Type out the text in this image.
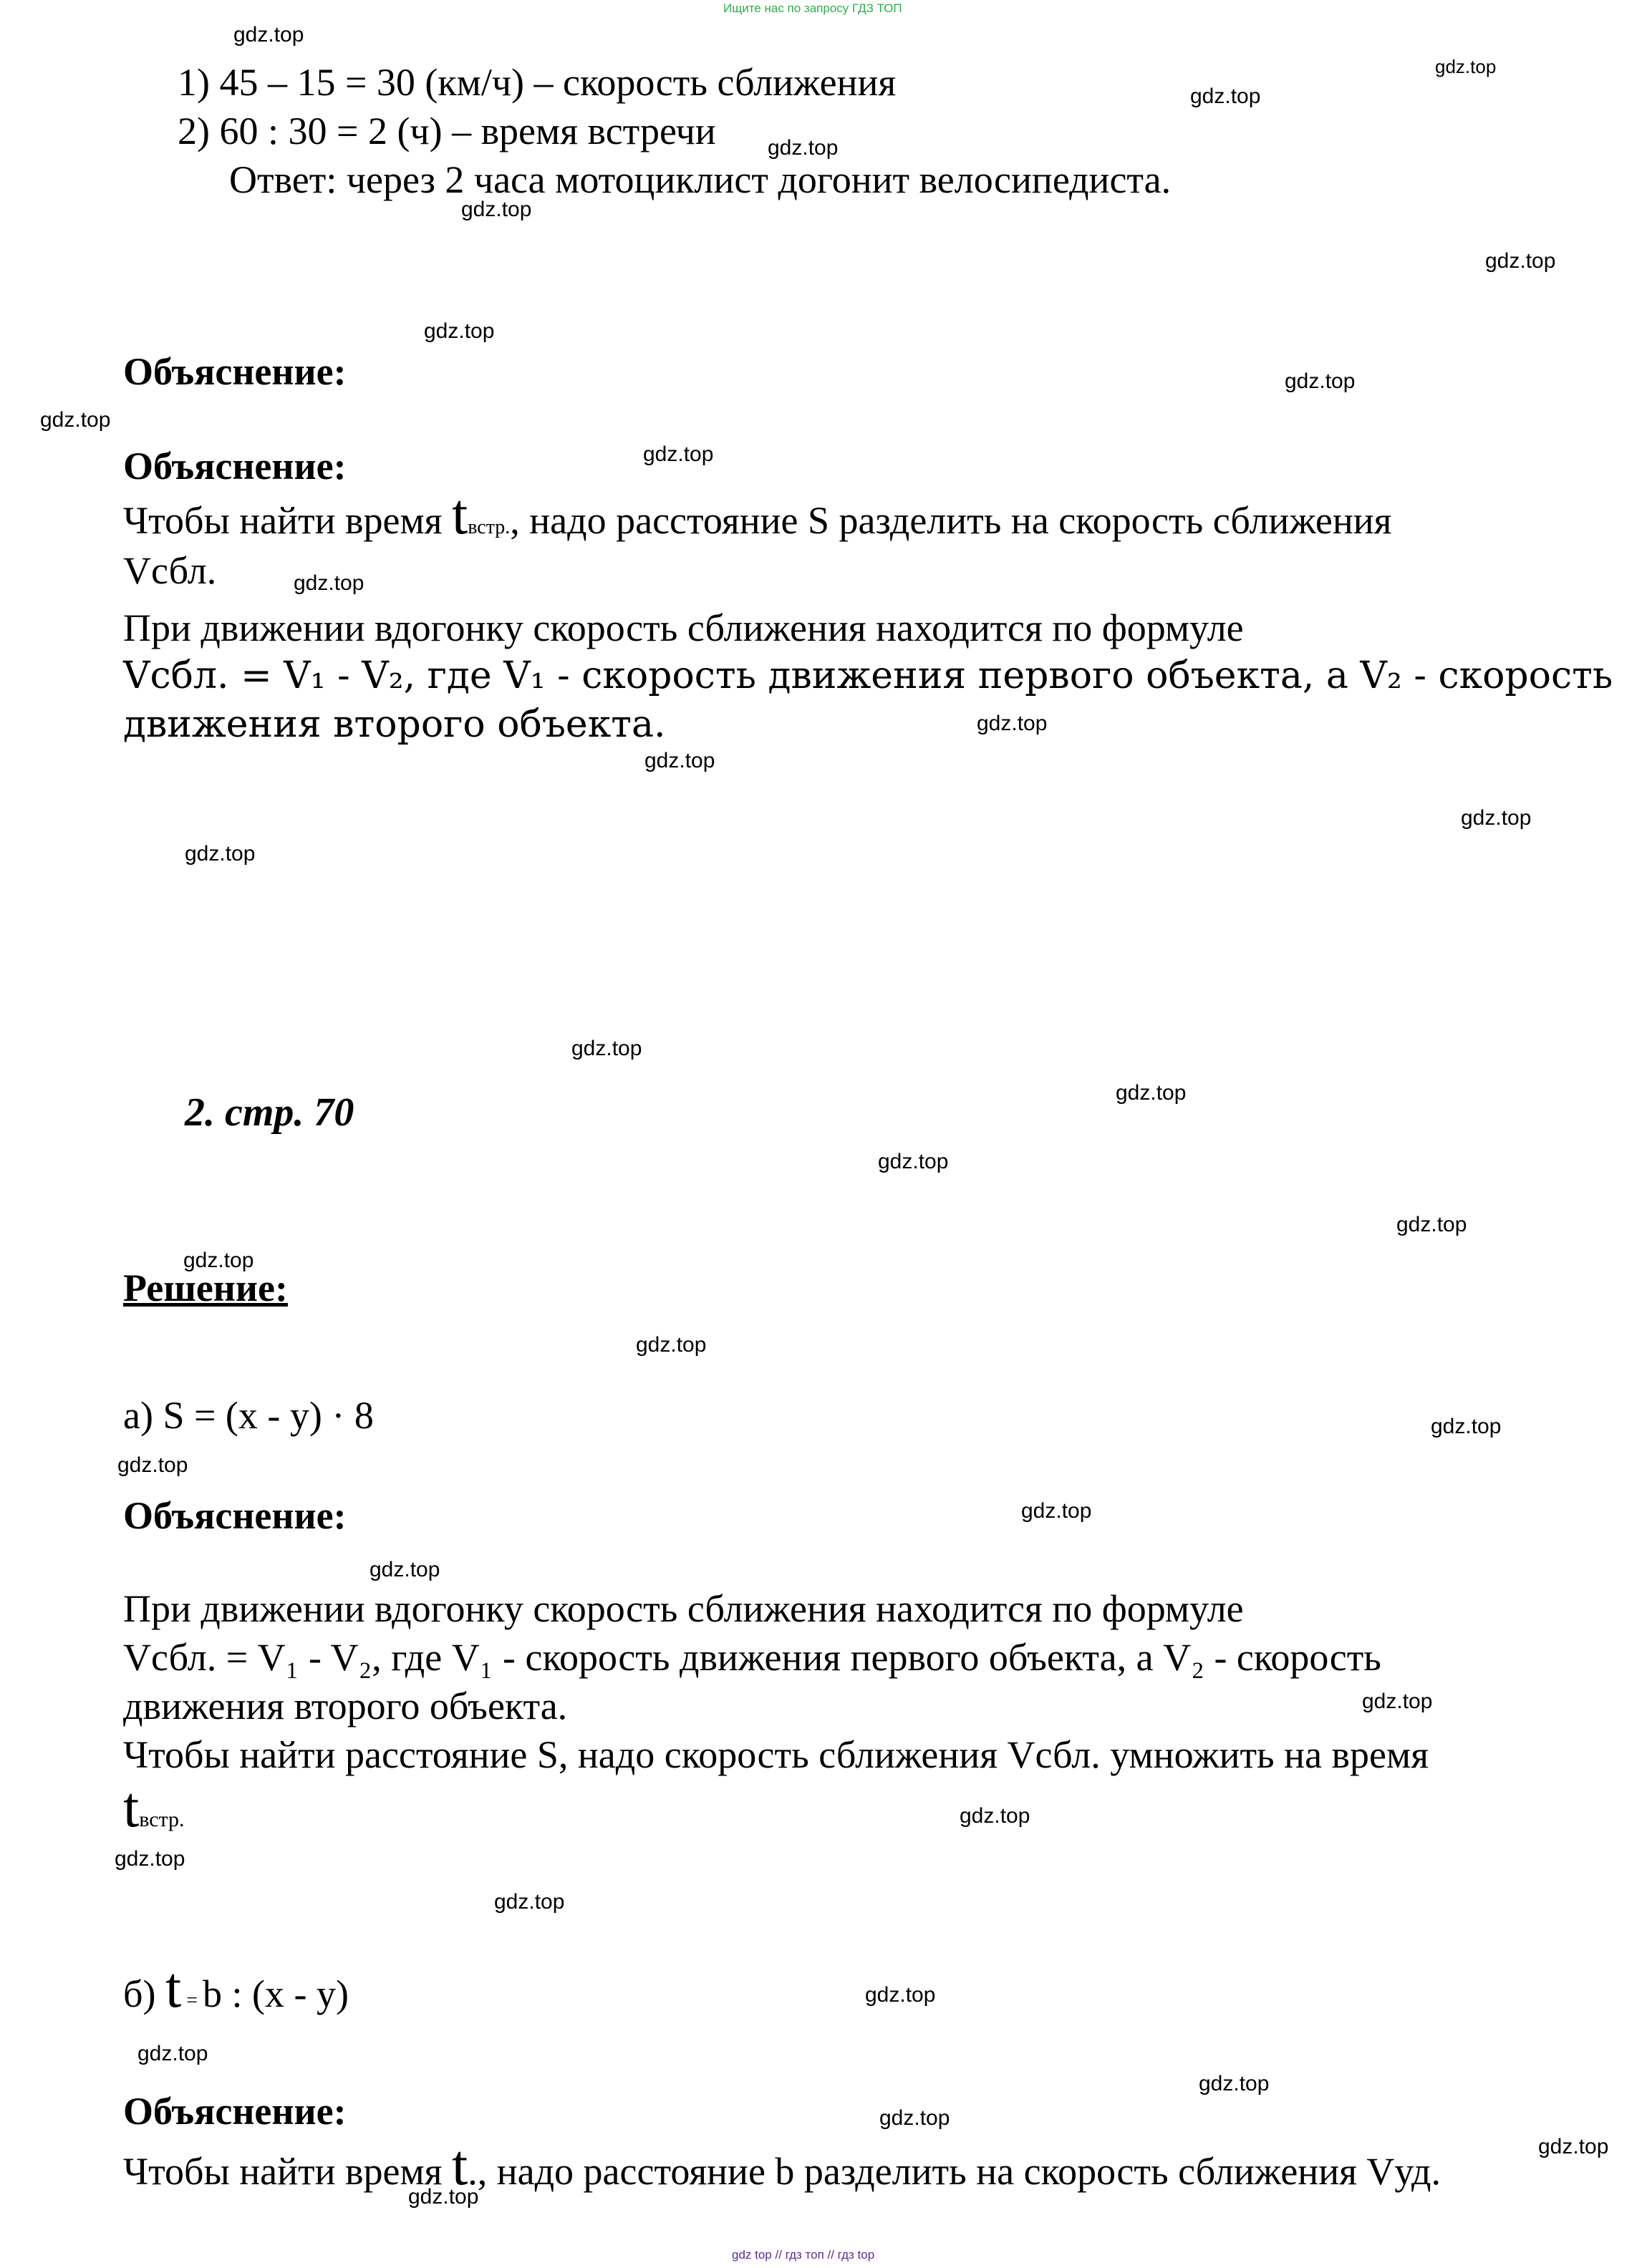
Ищите нас по запросу ГДЗ ТОП
gdz top // гдз топ // гдз top
gdz.top
gdz.top
gdz.top
gdz.top
gdz.top
gdz.top
gdz.top
gdz.top
gdz.top
gdz.top
gdz.top
gdz.top
gdz.top
gdz.top
gdz.top
gdz.top
gdz.top
gdz.top
gdz.top
gdz.top
gdz.top
gdz.top
gdz.top
gdz.top
gdz.top
gdz.top
gdz.top
gdz.top
gdz.top
gdz.top
gdz.top
gdz.top
gdz.top
gdz.top
gdz.top
1) 45 – 15 = 30 (км/ч) – скорость сближения
2) 60 : 30 = 2 (ч) – время встречи
Ответ: через 2 часа мотоциклист догонит велосипедиста.
Объяснение:
Объяснение:
Чтобы найти время tвстр., надо расстояние S разделить на скорость сближения
Vсбл.
При движении вдогонку скорость сближения находится по формуле
Vсбл. = V₁ - V₂, где V₁ - скорость движения первого объекта, а V₂ - скорость
движения второго объекта.
2. стр. 70
Решение:
а) S = (x - y) · 8
Объяснение:
При движении вдогонку скорость сближения находится по формуле
Vсбл. = V₁ - V₂, где V₁ - скорость движения первого объекта, а V₂ - скорость
движения второго объекта.
Чтобы найти расстояние S, надо скорость сближения Vсбл. умножить на время
tвстр.
б) t = b : (x - y)
Объяснение:
Чтобы найти время t., надо расстояние b разделить на скорость сближения Vуд.
